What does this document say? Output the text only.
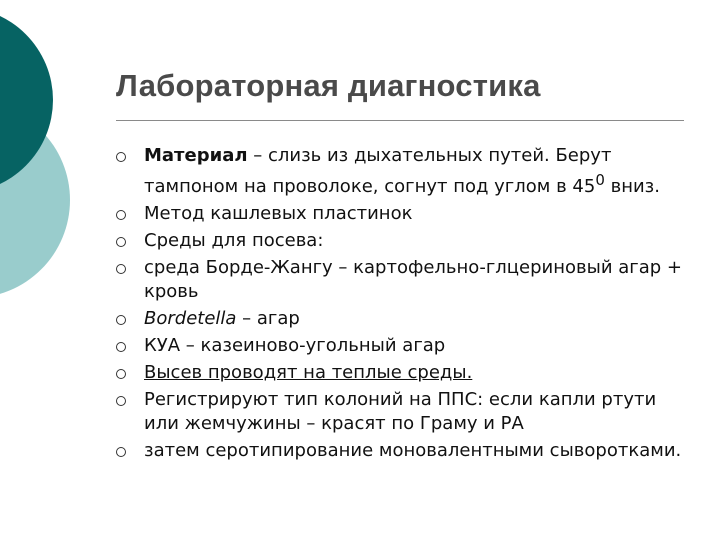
Лабораторная диагностика
Материал – слизь из дыхательных путей. Берут тампоном на проволоке, согнут под углом в $45^0$ вниз.
Метод кашлевых пластинок
Среды для посева:
среда Борде-Жангу – картофельно-глцериновый агар + кровь
Bordetella – агар
КУА – казеиново-угольный агар
Высев проводят на теплые среды.
Регистрируют тип колоний на ППС: если капли ртути или жемчужины – красят по Граму и РА
затем серотипирование моновалентными сыворотками.
